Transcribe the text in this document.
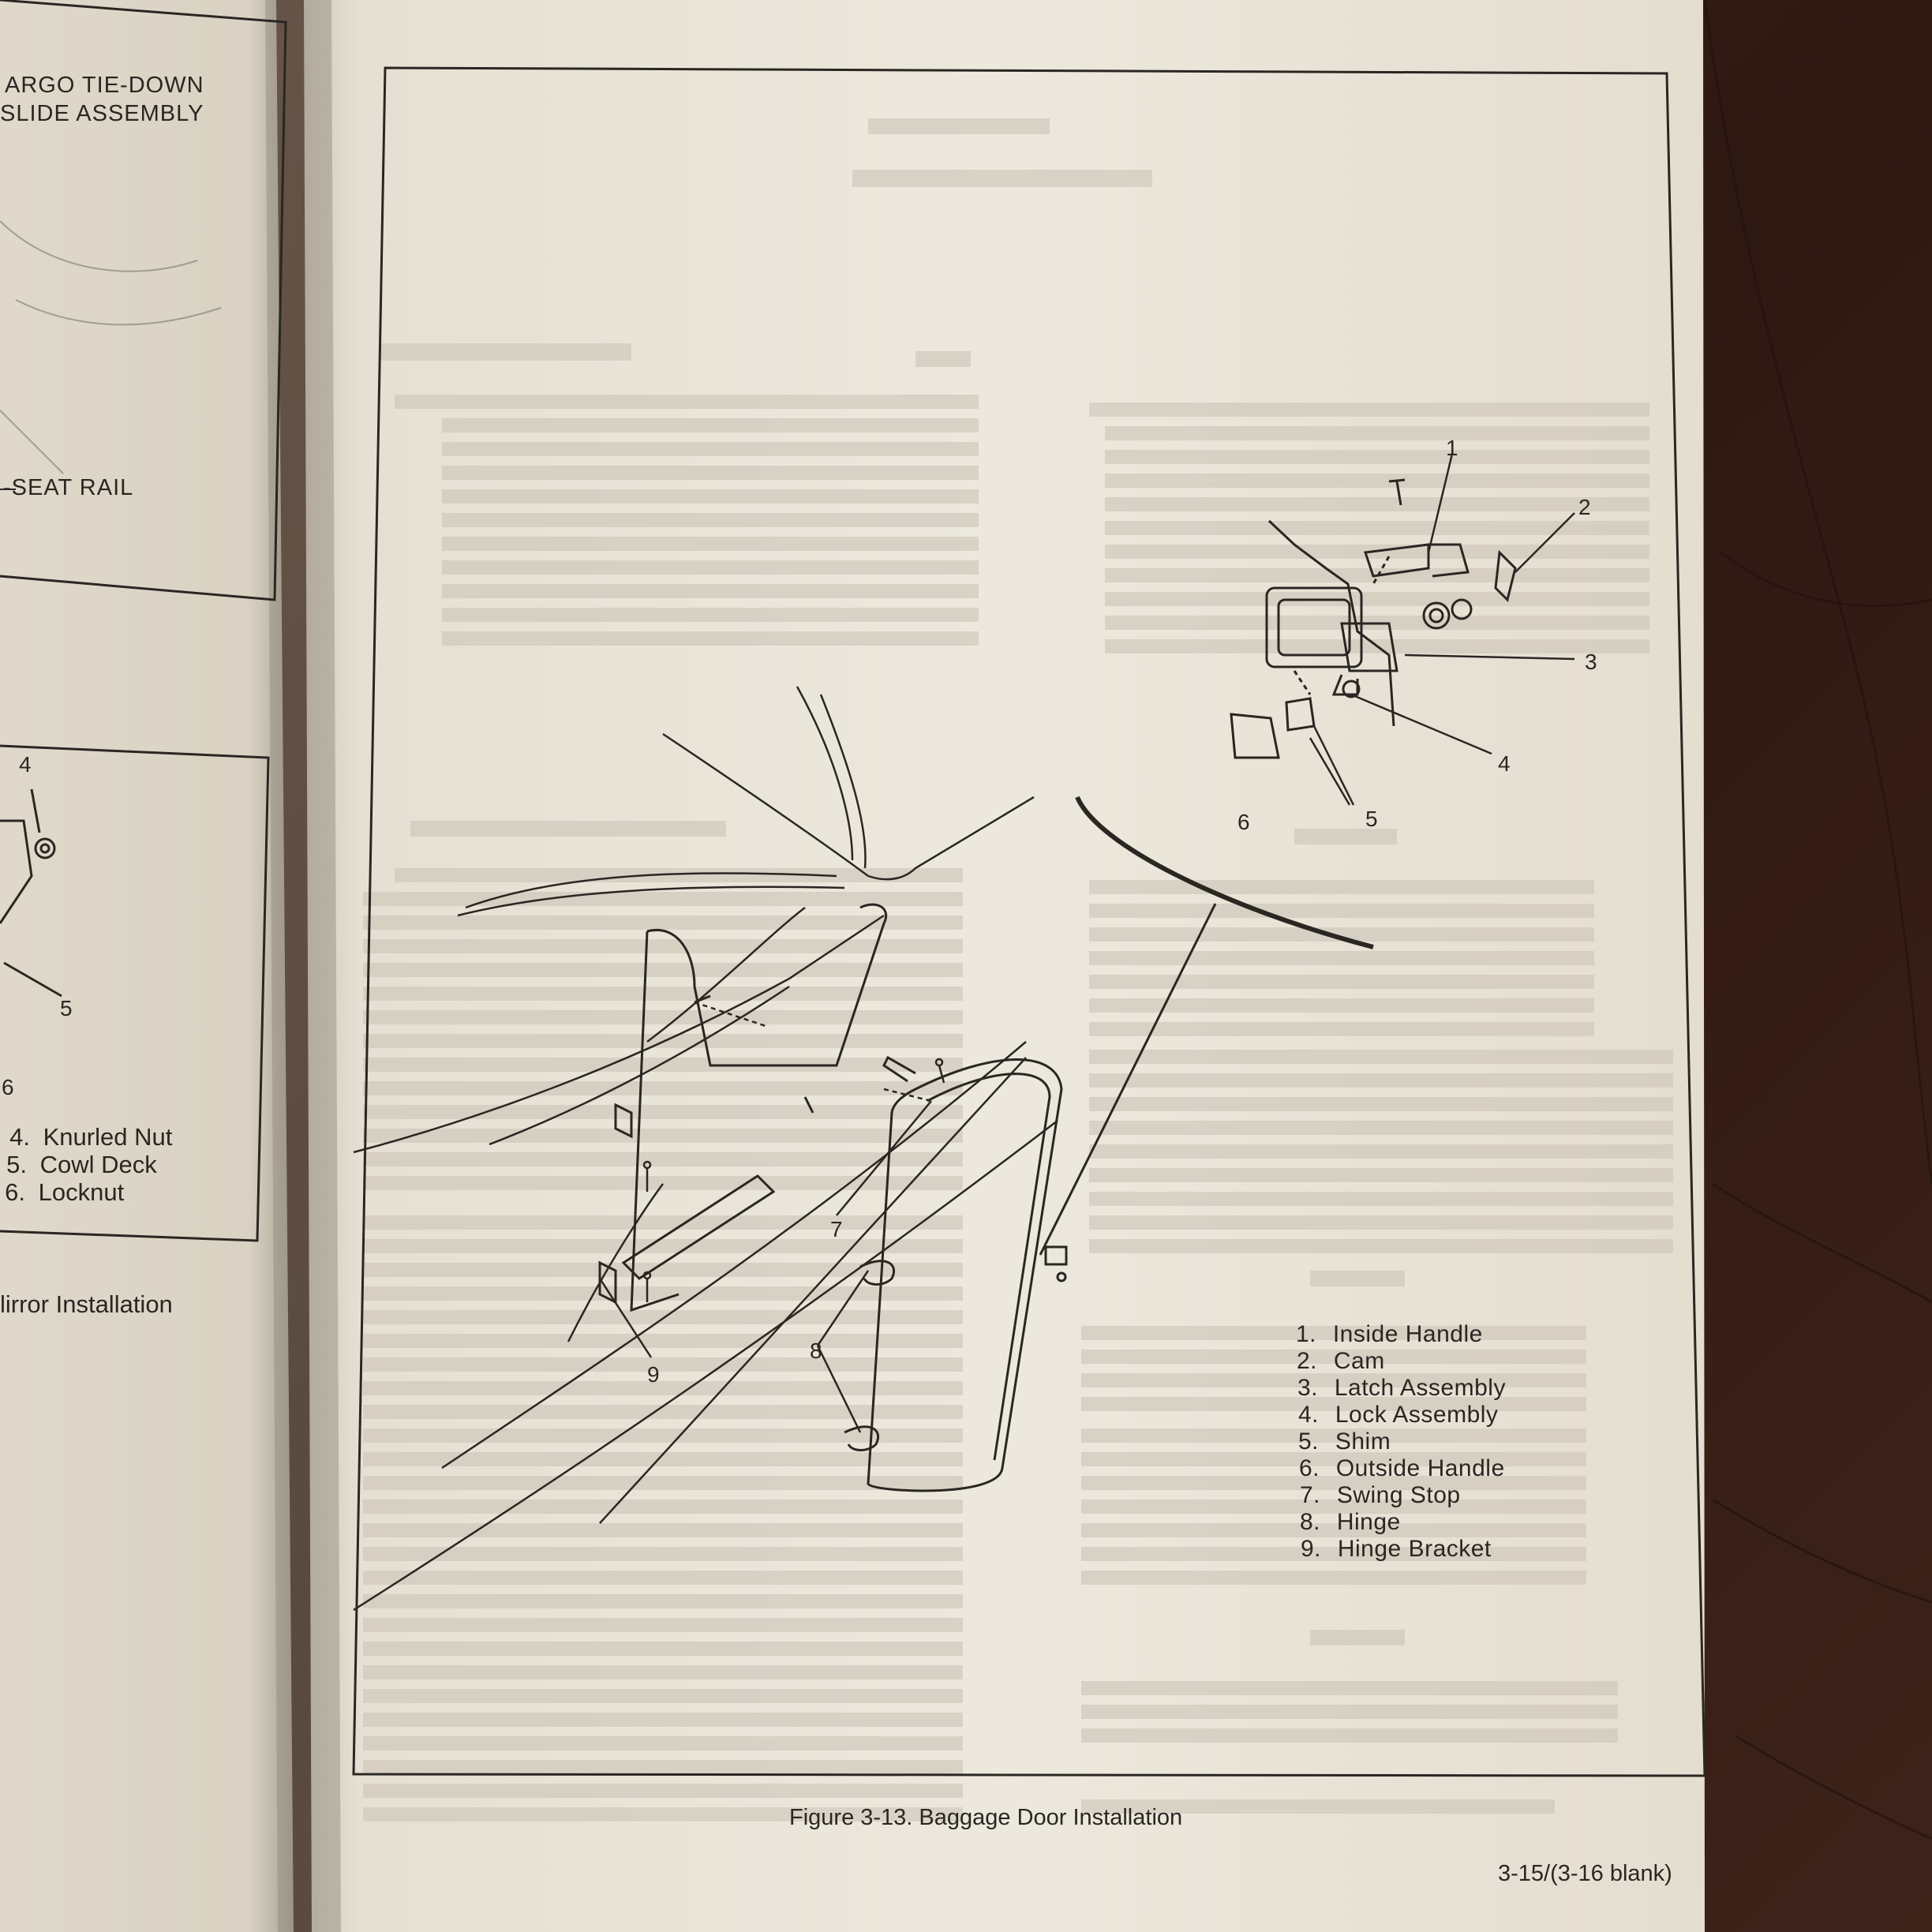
ARGO TIE-DOWN
SLIDE ASSEMBLY
-SEAT RAIL
4
5
6
4. Knurled Nut
5. Cowl Deck
6. Locknut
lirror Installation
1
2
3
4
5
6
7
8
9
1. Inside Handle
2. Cam
3. Latch Assembly
4. Lock Assembly
5. Shim
6. Outside Handle
7. Swing Stop
8. Hinge
9. Hinge Bracket
Figure 3-13. Baggage Door Installation
3-15/(3-16 blank)
